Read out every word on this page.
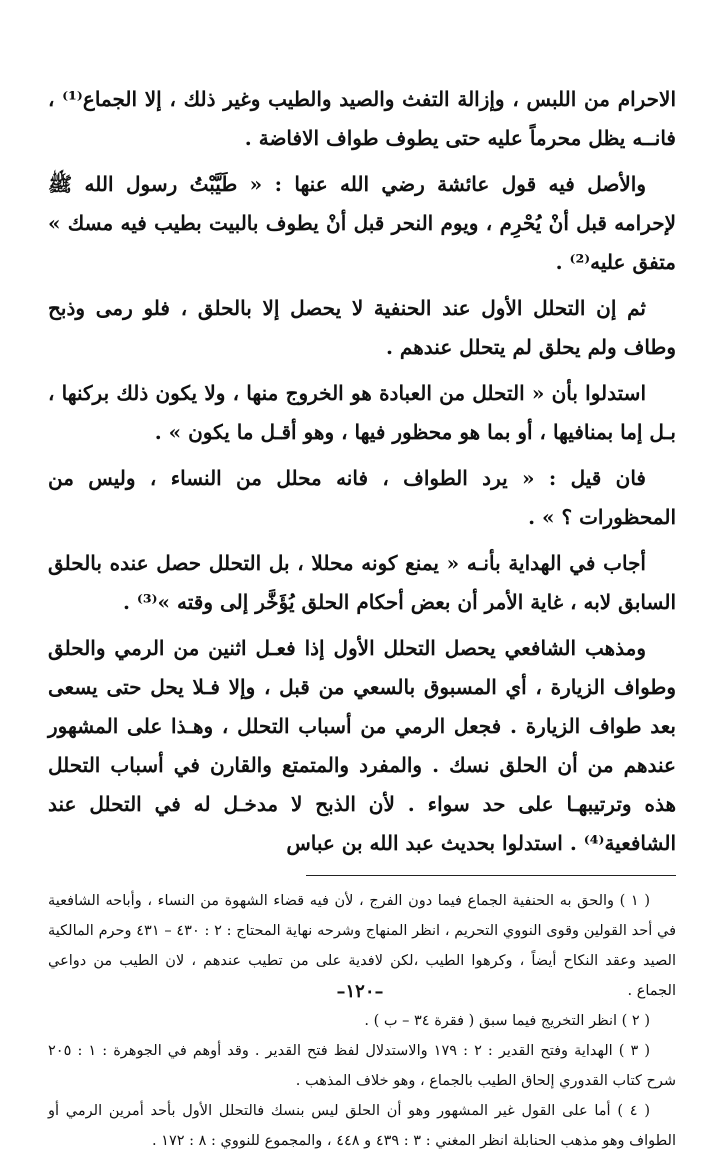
الاحرام من اللبس ، وإزالة التفث والصيد والطيب وغير ذلك ، إلا الجماع⁽¹⁾ ، فانــه يظل محرماً عليه حتى يطوف طواف الافاضة .

والأصل فيه قول عائشة رضي الله عنها : « طَيَّبْتُ رسول الله ﷺ لإحرامه قبل أنْ يُحْرِم ، ويوم النحر قبل أنْ يطوف بالبيت بطيب فيه مسك » متفق عليه⁽²⁾ .

ثم إن التحلل الأول عند الحنفية لا يحصل إلا بالحلق ، فلو رمى وذبح وطاف ولم يحلق لم يتحلل عندهم .

استدلوا بأن « التحلل من العبادة هو الخروج منها ، ولا يكون ذلك بركنها ، بـل إما بمنافيها ، أو بما هو محظور فيها ، وهو أقـل ما يكون » .

فان قيل : « يرد الطواف ، فانه محلل من النساء ، وليس من المحظورات ؟ » .

أجاب في الهداية بأنـه « يمنع كونه محللا ، بل التحلل حصل عنده بالحلق السابق لابه ، غاية الأمر أن بعض أحكام الحلق يُؤَخَّر إلى وقته »⁽³⁾ .

ومذهب الشافعي يحصل التحلل الأول إذا فعـل اثنين من الرمي والحلق وطواف الزيارة ، أي المسبوق بالسعي من قبل ، وإلا فـلا يحل حتى يسعى بعد طواف الزيارة . فجعل الرمي من أسباب التحلل ، وهـذا على المشهور عندهم من أن الحلق نسك . والمفرد والمتمتع والقارن في أسباب التحلل هذه وترتيبهـا على حد سواء . لأن الذبح لا مدخـل له في التحلل عند الشافعية⁽⁴⁾ . استدلوا بحديث عبد الله بن عباس

( ١ ) والحق به الحنفية الجماع فيما دون الفرج ، لأن فيه قضاء الشهوة من النساء ، وأباحه الشافعية في أحد القولين وقوى النووي التحريم ، انظر المنهاج وشرحه نهاية المحتاج : ٢ : ٤٣٠ – ٤٣١ وحرم المالكية الصيد وعقد النكاح أيضاً ، وكرهوا الطيب ،لكن لافدية على من تطيب عندهم ، لان الطيب من دواعي الجماع .

( ٢ ) انظر التخريج فيما سبق ( فقرة ٣٤ – ب ) .

( ٣ ) الهداية وفتح القدير : ٢ : ١٧٩ والاستدلال لفظ فتح القدير . وقد أوهم في الجوهرة : ١ : ٢٠٥ شرح كتاب القدوري إلحاق الطيب بالجماع ، وهو خلاف المذهب .

( ٤ ) أما على القول غير المشهور وهو أن الحلق ليس بنسك فالتحلل الأول بأحد أمرين الرمي أو الطواف وهو مذهب الحنابلة انظر المغني : ٣ : ٤٣٩ و ٤٤٨ ، والمجموع للنووي : ٨ : ١٧٢ .

–١٢٠–
